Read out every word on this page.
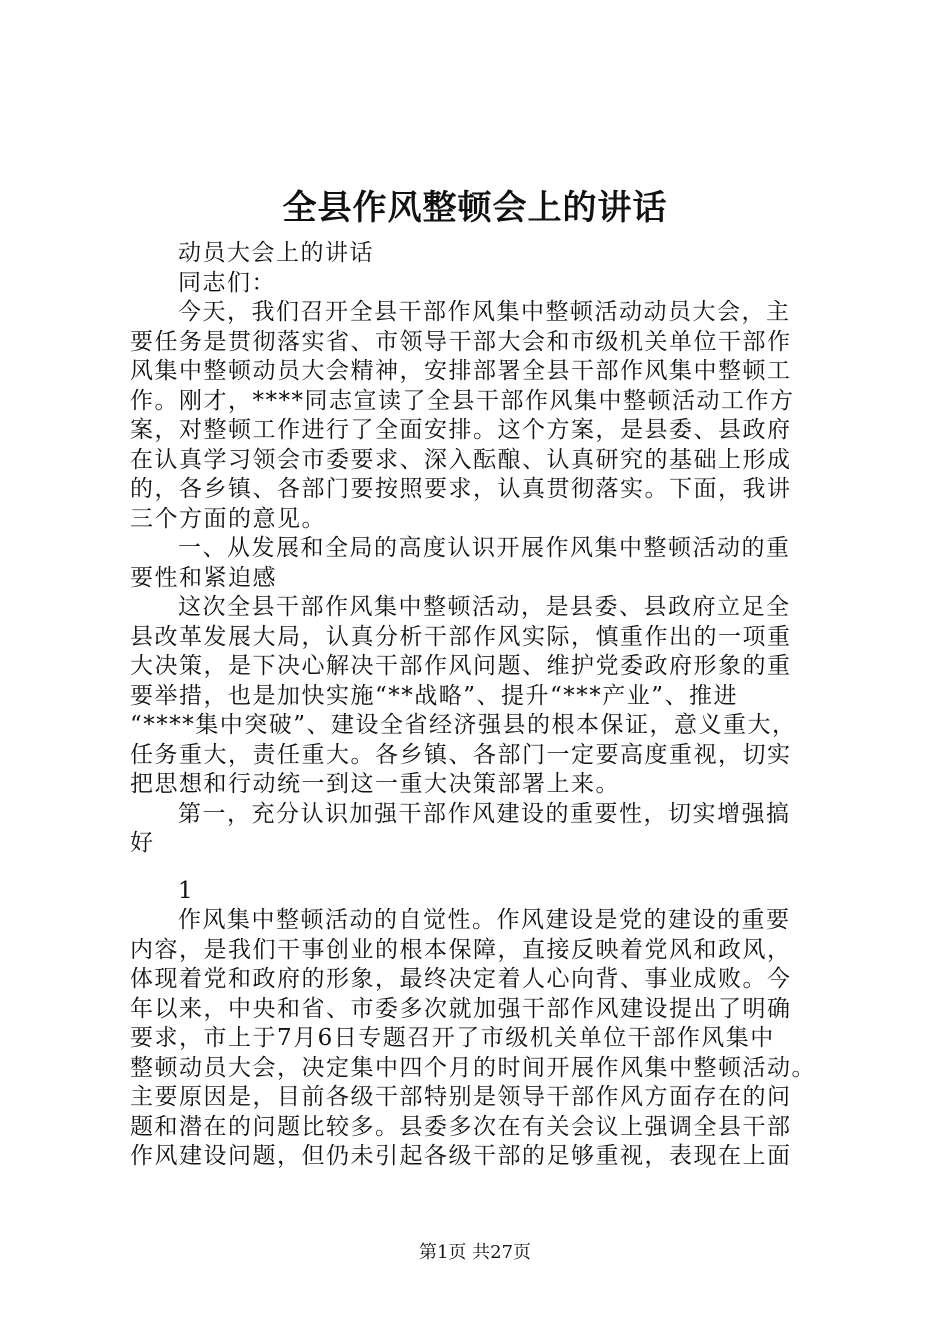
全县作风整顿会上的讲话
动员大会上的讲话
同志们：
今天，我们召开全县干部作风集中整顿活动动员大会，主
要任务是贯彻落实省、市领导干部大会和市级机关单位干部作
风集中整顿动员大会精神，安排部署全县干部作风集中整顿工
作。刚才，****同志宣读了全县干部作风集中整顿活动工作方
案，对整顿工作进行了全面安排。这个方案，是县委、县政府
在认真学习领会市委要求、深入酝酿、认真研究的基础上形成
的，各乡镇、各部门要按照要求，认真贯彻落实。下面，我讲
三个方面的意见。
一、从发展和全局的高度认识开展作风集中整顿活动的重
要性和紧迫感
这次全县干部作风集中整顿活动，是县委、县政府立足全
县改革发展大局，认真分析干部作风实际，慎重作出的一项重
大决策，是下决心解决干部作风问题、维护党委政府形象的重
要举措，也是加快实施“**战略”、提升“***产业”、推进
“****集中突破”、建设全省经济强县的根本保证，意义重大，
任务重大，责任重大。各乡镇、各部门一定要高度重视，切实
把思想和行动统一到这一重大决策部署上来。
第一，充分认识加强干部作风建设的重要性，切实增强搞
好
1
作风集中整顿活动的自觉性。作风建设是党的建设的重要
内容，是我们干事创业的根本保障，直接反映着党风和政风，
体现着党和政府的形象，最终决定着人心向背、事业成败。今
年以来，中央和省、市委多次就加强干部作风建设提出了明确
要求，市上于7月6日专题召开了市级机关单位干部作风集中
整顿动员大会，决定集中四个月的时间开展作风集中整顿活动。
主要原因是，目前各级干部特别是领导干部作风方面存在的问
题和潜在的问题比较多。县委多次在有关会议上强调全县干部
作风建设问题，但仍未引起各级干部的足够重视，表现在上面
第1页 共27页
